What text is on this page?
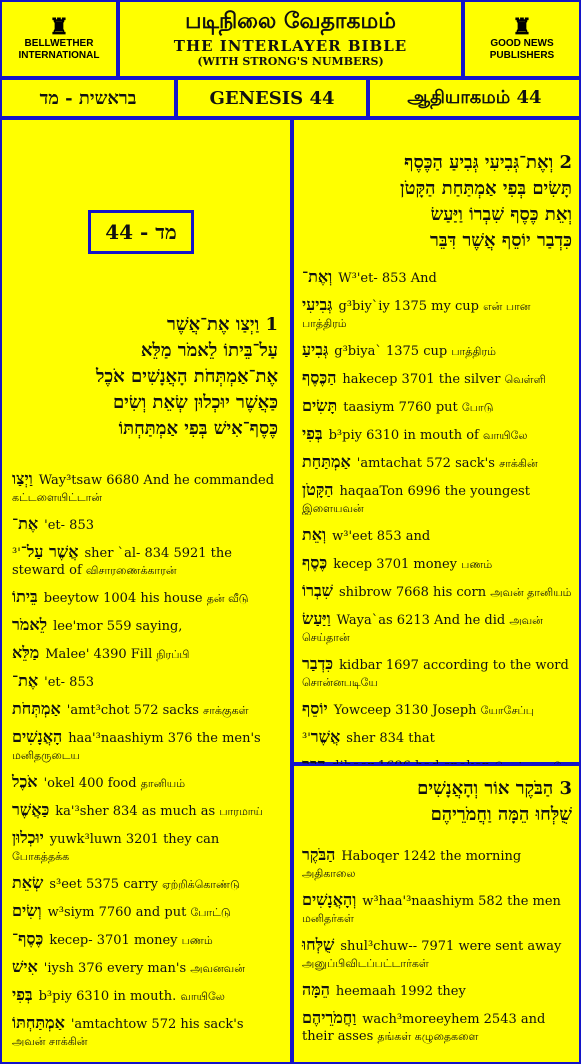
♜
BELLWETHER
INTERNATIONAL
படிநிலை வேதாகமம்
THE INTERLAYER BIBLE
(WITH STRONG'S NUMBERS)
♜
GOOD NEWS
PUBLISHERS
בראשית - מד	GENESIS 44	ஆதியாகமம் 44
44 - מד
1 וַיְצַו אֶת־אֲשֶׁר
עַל־בֵּיתוֹ לֵאמֹר מַלֵּא
אֶת־אַמְתְּחֹת הָאֲנָשִׁים אֹכֶל
כַּאֲשֶׁר יוּכְלוּן שְׂאֵת וְשִׂים
כֶּסֶף־אִישׁ בְּפִי אַמְתַּחְתּוֹ
וַיְצַו Way³tsaw 6680 And he commanded கட்டளையிட்டான்
אֶת־ 'et- 853
אֲשֶׁר עַל־'³sher `al- 834 5921 the steward of விசாரணைக்காரன்
בֵּיתוֹ beeytow 1004 his house தன் வீடு
לֵאמֹר lee'mor 559 saying,
מַלֵּא Malee' 4390 Fill நிரப்பி
אֶת־ 'et- 853
אַמְתְּחֹת 'amt³chot 572 sacks சாக்குகள்
הָאֲנָשִׁים haa'³naashiym 376 the men's மனிதருடைய
אֹכֶל 'okel 400 food தானியம்
כַּאֲשֶׁר ka'³sher 834 as much as பாரமாய்
יוּכְלוּן yuwk³luwn 3201 they can போகத்தக்க
שְׂאֵת s³eet 5375 carry ஏற்றிக்கொண்டு
וְשִׂים w³siym 7760 and put போட்டு
כֶּסֶף־ kecep- 3701 money பணம்
אִישׁ 'iysh 376 every man's அவனவன்
בְּפִי b³piy 6310 in mouth. வாயிலே
אַמְתַּחְתּוֹ 'amtachtow 572 his sack's அவன் சாக்கின்
2 וְאֶת־גְּבִיעִי גְּבִיעַ הַכֶּסֶף
תָּשִׂים בְּפִי אַמְתַּחַת הַקָּטֹן
וְאֵת כֶּסֶף שִׁבְרוֹ וַיַּעַשׂ
כִּדְבַר יוֹסֵף אֲשֶׁר דִּבֵּר
וְאֶת־ W³'et- 853 And
גְּבִיעִי g³biy`iy 1375 my cup என் பான பாத்திரம்
גְּבִיעַ g³biya` 1375 cup பாத்திரம்
הַכֶּסֶף hakecep 3701 the silver வெள்ளி
תָּשִׂים taasiym 7760 put போடு
בְּפִי b³piy 6310 in mouth of வாயிலே
אַמְתַּחַת 'amtachat 572 sack's சாக்கின்
הַקָּטֹן haqaaTon 6996 the youngest இளையவன்
וְאֵת w³'eet 853 and
כֶּסֶף kecep 3701 money பணம்
שִׁבְרוֹ shibrow 7668 his corn அவன் தானியம்
וַיַּעַשׂ Waya`as 6213 And he did அவன் செய்தான்
כִּדְבַר kidbar 1697 according to the word சொன்னபடியே
יוֹסֵף Yowceep 3130 Joseph யோசேப்பு
אֲשֶׁר'³sher 834 that
3 הַבֹּקֶר אוֹר וְהָאֲנָשִׁים
שֻׁלְּחוּ הֵמָּה וַחֲמֹרֵיהֶם
הַבֹּקֶר Haboqer 1242 the morning அதிகாலை
וְהָאֲנָשִׁים w³haa'³naashiym 582 the men மனிதர்கள்
שֻׁלְּחוּ shul³chuw-- 7971 were sent away அனுப்பிவிடப்பட்டார்கள்
הֵמָּה heemaah 1992 they
וַחֲמֹרֵיהֶם wach³moreeyhem 2543 and their asses தங்கள் கழுதைகளை
